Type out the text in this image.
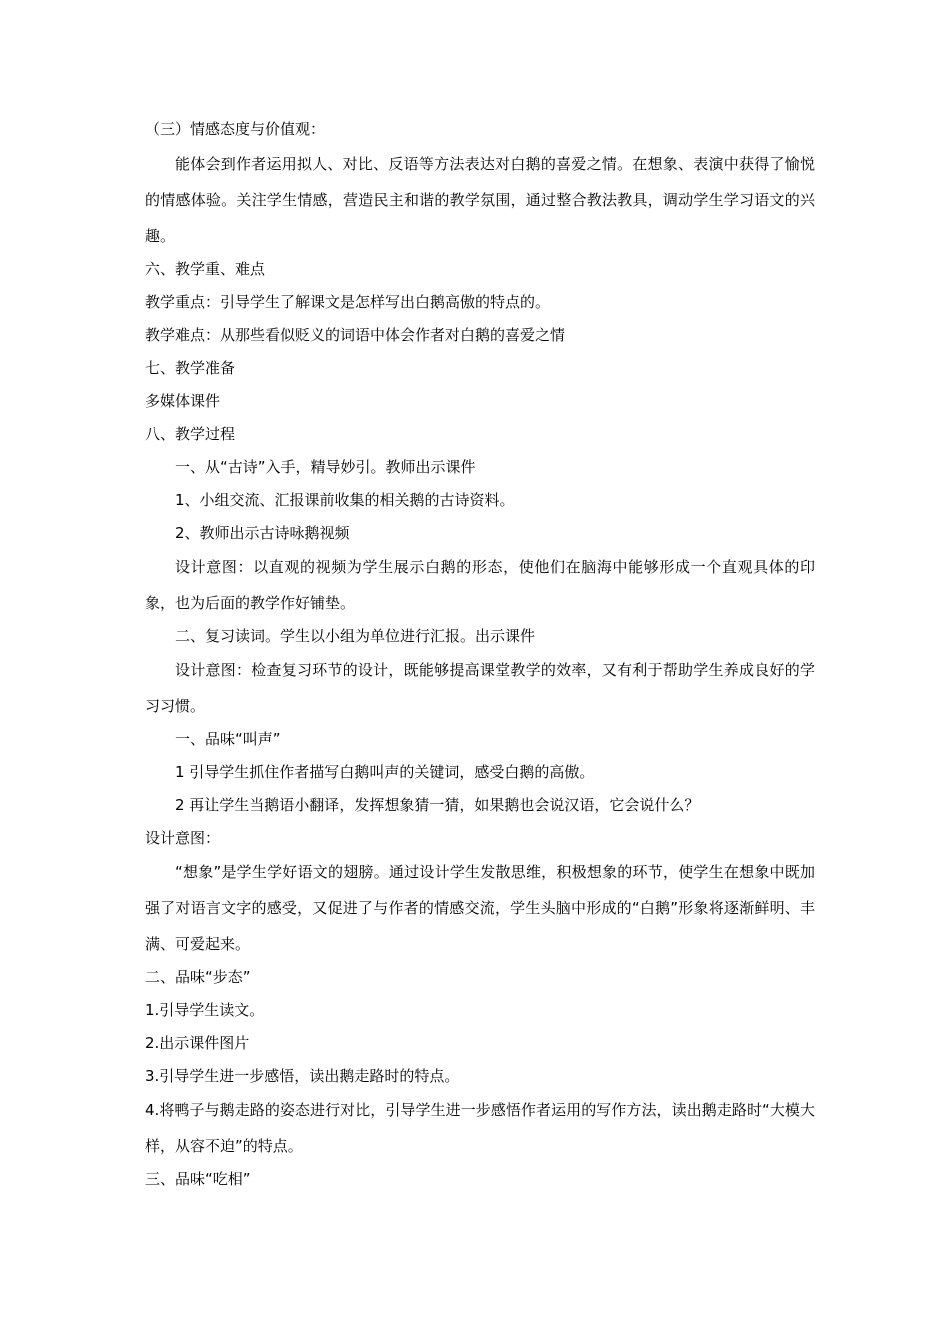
（三）情感态度与价值观：

能体会到作者运用拟人、对比、反语等方法表达对白鹅的喜爱之情。在想象、表演中获得了愉悦的情感体验。关注学生情感，营造民主和谐的教学氛围，通过整合教法教具，调动学生学习语文的兴趣。

六、教学重、难点

教学重点：引导学生了解课文是怎样写出白鹅高傲的特点的。

教学难点：从那些看似贬义的词语中体会作者对白鹅的喜爱之情

七、教学准备

多媒体课件

八、教学过程

一、从“古诗”入手，精导妙引。教师出示课件

1、小组交流、汇报课前收集的相关鹅的古诗资料。

2、教师出示古诗咏鹅视频

设计意图：以直观的视频为学生展示白鹅的形态，使他们在脑海中能够形成一个直观具体的印象，也为后面的教学作好铺垫。

二、复习读词。学生以小组为单位进行汇报。出示课件

设计意图：检查复习环节的设计，既能够提高课堂教学的效率，又有利于帮助学生养成良好的学习习惯。

一、品味“叫声”

1 引导学生抓住作者描写白鹅叫声的关键词，感受白鹅的高傲。

2 再让学生当鹅语小翻译，发挥想象猜一猜，如果鹅也会说汉语，它会说什么？

设计意图：

“想象”是学生学好语文的翅膀。通过设计学生发散思维，积极想象的环节，使学生在想象中既加强了对语言文字的感受，又促进了与作者的情感交流，学生头脑中形成的“白鹅”形象将逐渐鲜明、丰满、可爱起来。

二、品味“步态”

1.引导学生读文。

2.出示课件图片

3.引导学生进一步感悟，读出鹅走路时的特点。

4.将鸭子与鹅走路的姿态进行对比，引导学生进一步感悟作者运用的写作方法，读出鹅走路时“大模大样，从容不迫”的特点。

三、品味“吃相”
